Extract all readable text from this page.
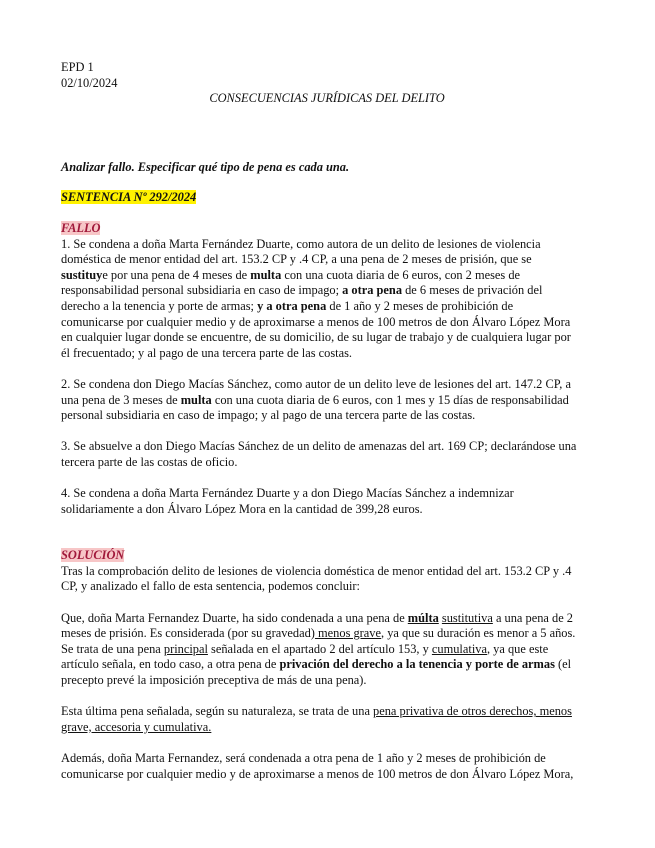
EPD 1

02/10/2024

CONSECUENCIAS JURÍDICAS DEL DELITO

Analizar fallo. Especificar qué tipo de pena es cada una.

SENTENCIA Nº 292/2024

FALLO

1. Se condena a doña Marta Fernández Duarte, como autora de un delito de lesiones de violencia

doméstica de menor entidad del art. 153.2 CP y .4 CP, a una pena de 2 meses de prisión, que se

sustituye por una pena de 4 meses de multa con una cuota diaria de 6 euros, con 2 meses de

responsabilidad personal subsidiaria en caso de impago; a otra pena de 6 meses de privación del

derecho a la tenencia y porte de armas; y a otra pena de 1 año y 2 meses de prohibición de

comunicarse por cualquier medio y de aproximarse a menos de 100 metros de don Álvaro López Mora

en cualquier lugar donde se encuentre, de su domicilio, de su lugar de trabajo y de cualquiera lugar por

él frecuentado; y al pago de una tercera parte de las costas.

2. Se condena don Diego Macías Sánchez, como autor de un delito leve de lesiones del art. 147.2 CP, a

una pena de 3 meses de multa con una cuota diaria de 6 euros, con 1 mes y 15 días de responsabilidad

personal subsidiaria en caso de impago; y al pago de una tercera parte de las costas.

3. Se absuelve a don Diego Macías Sánchez de un delito de amenazas del art. 169 CP; declarándose una

tercera parte de las costas de oficio.

4. Se condena a doña Marta Fernández Duarte y a don Diego Macías Sánchez a indemnizar

solidariamente a don Álvaro López Mora en la cantidad de 399,28 euros.

SOLUCIÓN

Tras la comprobación delito de lesiones de violencia doméstica de menor entidad del art. 153.2 CP y .4

CP, y analizado el fallo de esta sentencia, podemos concluir:

Que, doña Marta Fernandez Duarte, ha sido condenada a una pena de múlta sustitutiva a una pena de 2

meses de prisión. Es considerada (por su gravedad) menos grave, ya que su duración es menor a 5 años.

Se trata de una pena principal señalada en el apartado 2 del artículo 153, y cumulativa, ya que este

artículo señala, en todo caso, a otra pena de privación del derecho a la tenencia y porte de armas (el

precepto prevé la imposición preceptiva de más de una pena).

Esta última pena señalada, según su naturaleza, se trata de una pena privativa de otros derechos, menos

grave, accesoria y cumulativa.

Además, doña Marta Fernandez, será condenada a otra pena de 1 año y 2 meses de prohibición de

comunicarse por cualquier medio y de aproximarse a menos de 100 metros de don Álvaro López Mora,
